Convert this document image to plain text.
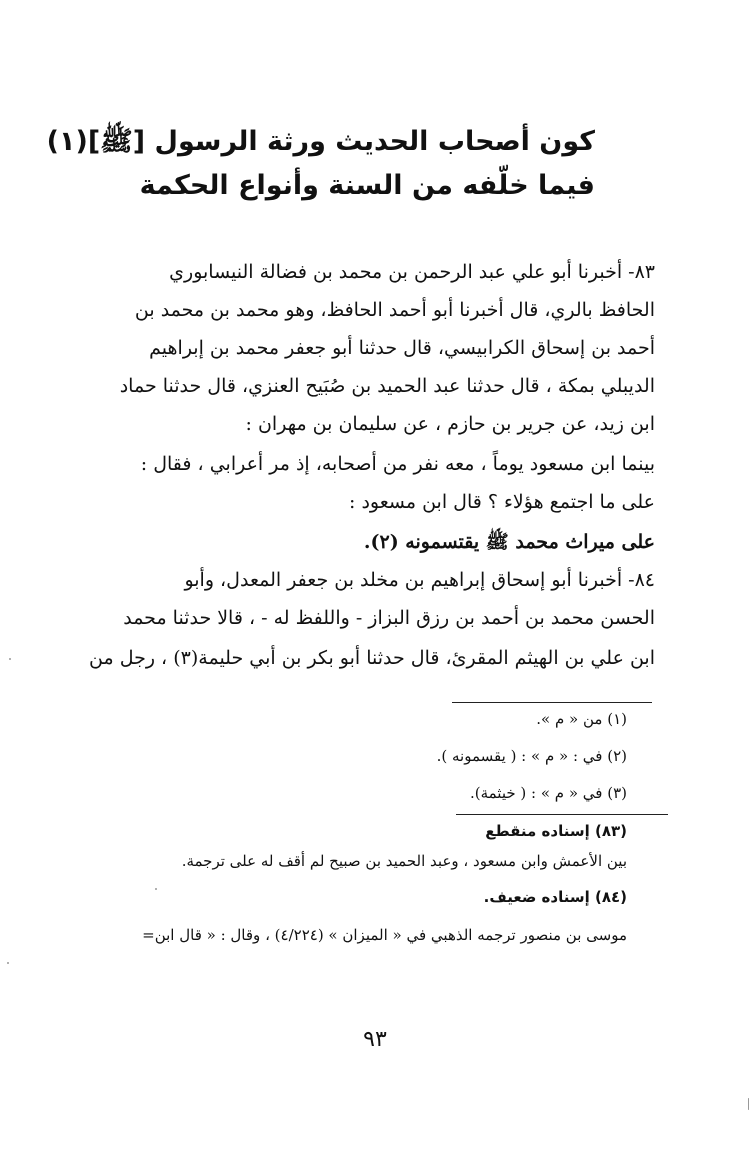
كون أصحاب الحديث ورثة الرسول [ﷺ](١)
فيما خلّفه من السنة وأنواع الحكمة
٨٣- أخبرنا أبو علي عبد الرحمن بن محمد بن فضالة النيسابوري
الحافظ بالري، قال أخبرنا أبو أحمد الحافظ، وهو محمد بن محمد بن
أحمد بن إسحاق الكرابيسي، قال حدثنا أبو جعفر محمد بن إبراهيم
الديبلي بمكة ، قال حدثنا عبد الحميد بن صُبَيح العنزي، قال حدثنا حماد
ابن زيد، عن جرير بن حازم ، عن سليمان بن مهران :
بينما ابن مسعود يوماً ، معه نفر من أصحابه، إذ مر أعرابي ، فقال :
على ما اجتمع هؤلاء ؟ قال ابن مسعود :
على ميراث محمد ﷺ يقتسمونه (٢).
٨٤- أخبرنا أبو إسحاق إبراهيم بن مخلد بن جعفر المعدل، وأبو
الحسن محمد بن أحمد بن رزق البزاز - واللفظ له - ، قالا حدثنا محمد
ابن علي بن الهيثم المقرئ، قال حدثنا أبو بكر بن أبي حليمة(٣) ، رجل من
(١) من « م ».
(٢) في : « م » : ( يقسمونه ).
(٣) في « م » : ( خيثمة).
(٨٣) إسناده منقطع
بين الأعمش وابن مسعود ، وعبد الحميد بن صبيح لم أقف له على ترجمة.
(٨٤) إسناده ضعيف.
موسى بن منصور ترجمه الذهبي في « الميزان » (٤/٢٢٤) ، وقال : « قال ابن=
٩٣
